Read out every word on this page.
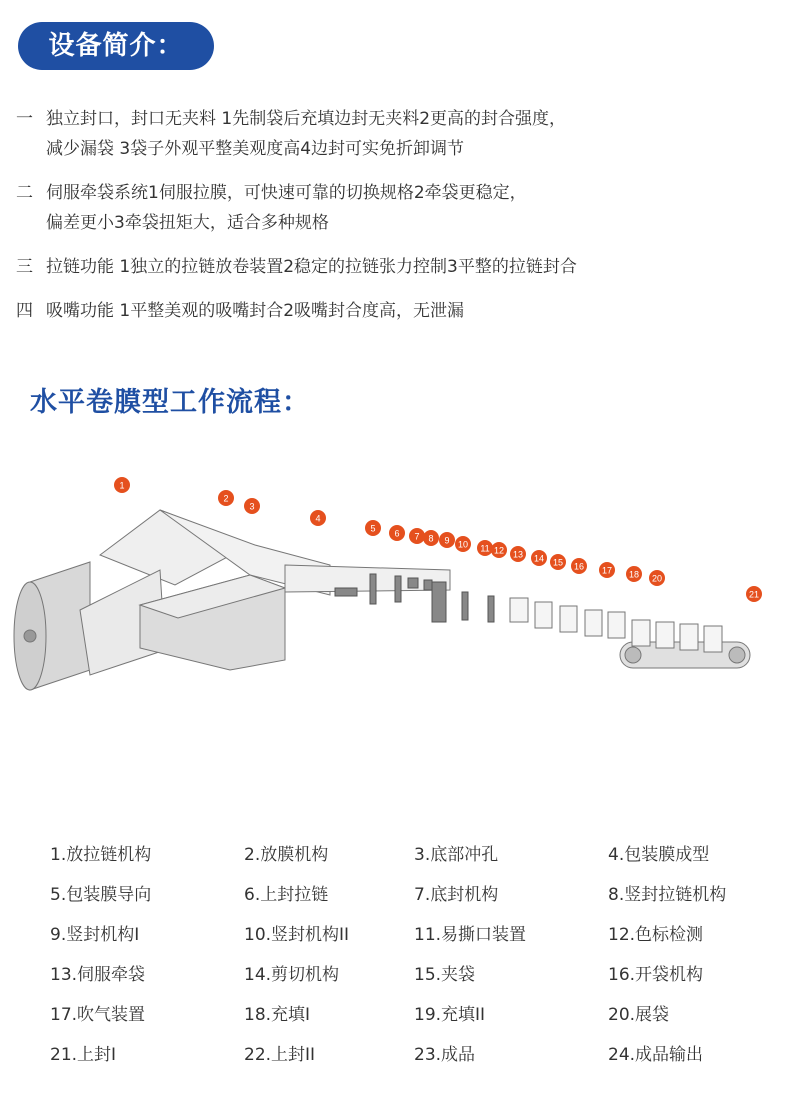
设备简介：
一 独立封口，封口无夹料 1先制袋后充填边封无夹料2更高的封合强度，
减少漏袋 3袋子外观平整美观度高4边封可实免折卸调节
二 伺服牵袋系统1伺服拉膜，可快速可靠的切换规格2牵袋更稳定，
偏差更小3牵袋扭矩大，适合多种规格
三 拉链功能 1独立的拉链放卷装置2稳定的拉链张力控制3平整的拉链封合
四 吸嘴功能 1平整美观的吸嘴封合2吸嘴封合度高，无泄漏
水平卷膜型工作流程：
1
2
3
4
5 6 7 8 9 10 11 12 13 14 15 16 17 18 20
21
1.放拉链机构	2.放膜机构	3.底部冲孔	4.包装膜成型
5.包装膜导向	6.上封拉链	7.底封机构	8.竖封拉链机构
9.竖封机构I	10.竖封机构II	11.易撕口装置	12.色标检测
13.伺服牵袋	14.剪切机构	15.夹袋	16.开袋机构
17.吹气装置	18.充填I	19.充填II	20.展袋
21.上封I	22.上封II	23.成品	24.成品输出
